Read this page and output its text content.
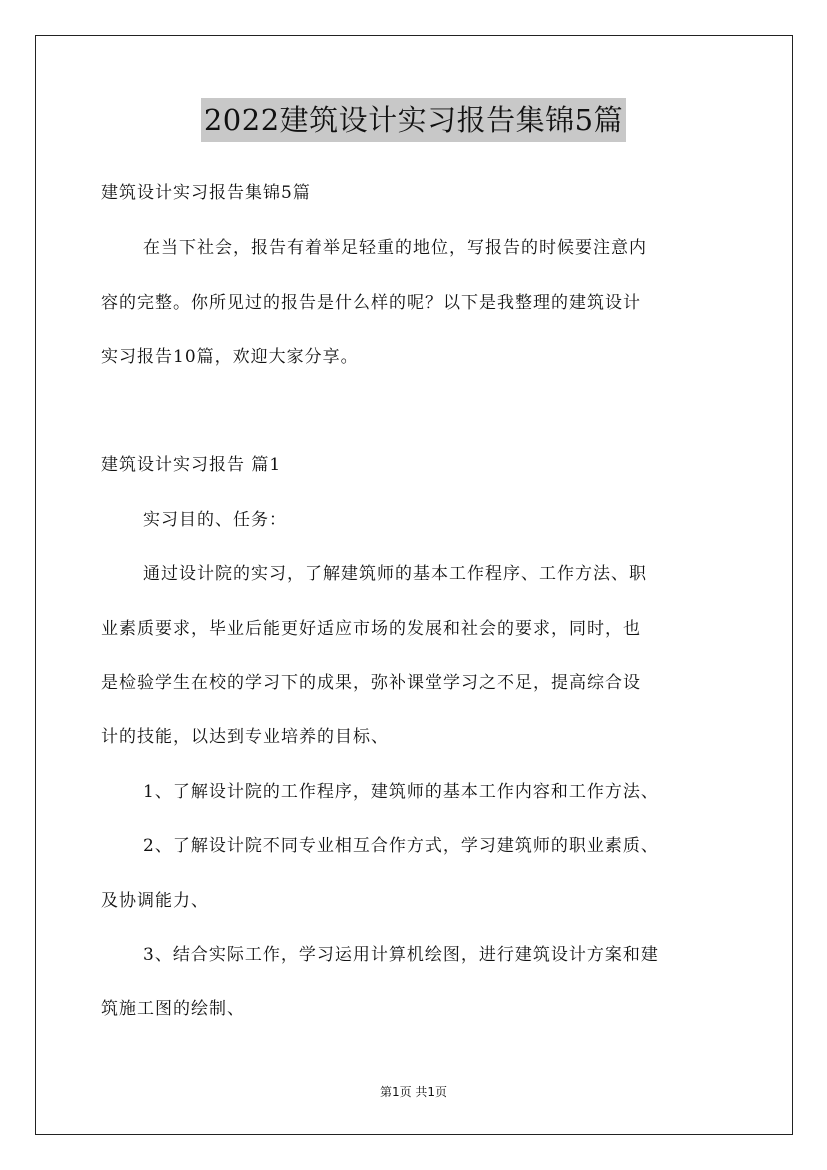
2022建筑设计实习报告集锦5篇
建筑设计实习报告集锦5篇
在当下社会，报告有着举足轻重的地位，写报告的时候要注意内
容的完整。你所见过的报告是什么样的呢？以下是我整理的建筑设计
实习报告10篇，欢迎大家分享。
建筑设计实习报告 篇1
实习目的、任务：
通过设计院的实习，了解建筑师的基本工作程序、工作方法、职
业素质要求，毕业后能更好适应市场的发展和社会的要求，同时，也
是检验学生在校的学习下的成果，弥补课堂学习之不足，提高综合设
计的技能，以达到专业培养的目标、
1、了解设计院的工作程序，建筑师的基本工作内容和工作方法、
2、了解设计院不同专业相互合作方式，学习建筑师的职业素质、
及协调能力、
3、结合实际工作，学习运用计算机绘图，进行建筑设计方案和建
筑施工图的绘制、
第1页 共1页
